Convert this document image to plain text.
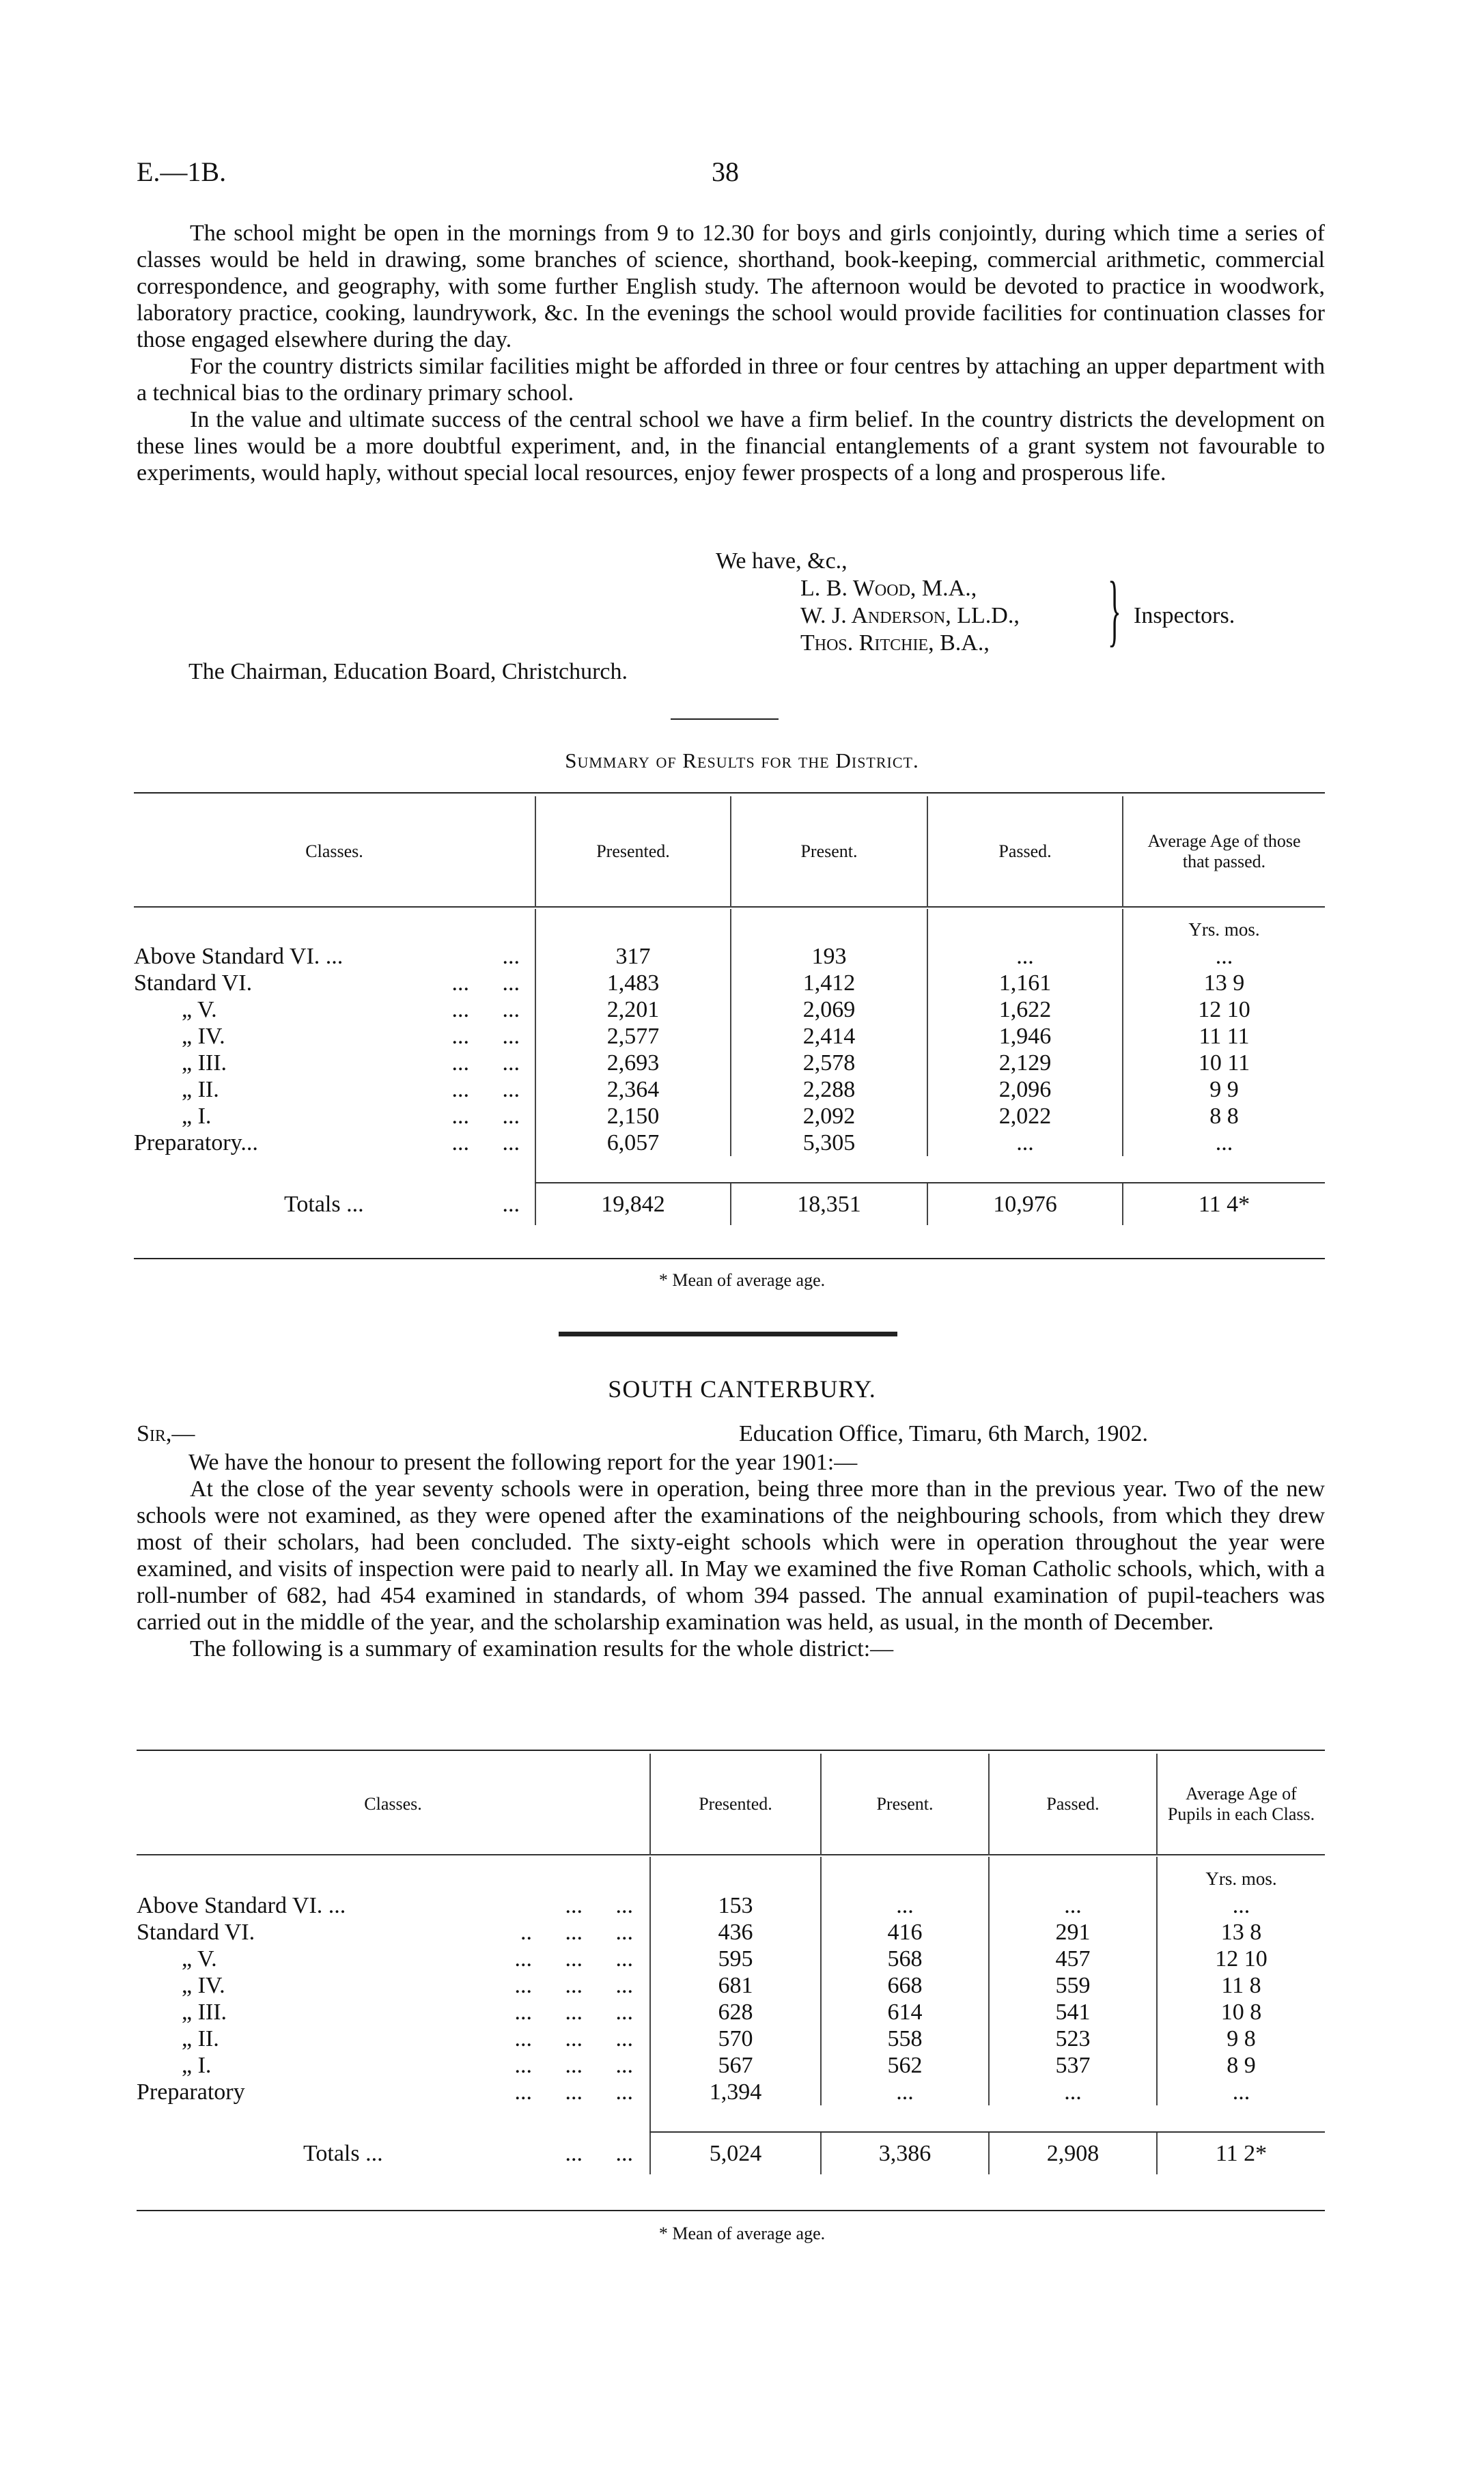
E.—1B.	38

The school might be open in the mornings from 9 to 12.30 for boys and girls conjointly, during which time a series of classes would be held in drawing, some branches of science, shorthand, book-keeping, commercial arithmetic, commercial correspondence, and geography, with some further English study. The afternoon would be devoted to practice in woodwork, laboratory practice, cooking, laundrywork, &c. In the evenings the school would provide facilities for continuation classes for those engaged elsewhere during the day.

For the country districts similar facilities might be afforded in three or four centres by attaching an upper department with a technical bias to the ordinary primary school.

In the value and ultimate success of the central school we have a firm belief. In the country districts the development on these lines would be a more doubtful experiment, and, in the financial entanglements of a grant system not favourable to experiments, would haply, without special local resources, enjoy fewer prospects of a long and prosperous life.

We have, &c.,
L. B. Wood, M.A.,
W. J. Anderson, LL.D.,
Thos. Ritchie, B.A., } Inspectors.
The Chairman, Education Board, Christchurch.
Summary of Results for the District.
Classes.	Presented.	Present.	Passed.	Average Age of those that passed.

				Yrs. mos.
Above Standard VI. ... ...	317	193	...	...
Standard VI. ... ...	1,483	1,412	1,161	13 9
„ V. ... ...	2,201	2,069	1,622	12 10
„ IV. ... ...	2,577	2,414	1,946	11 11
„ III. ... ...	2,693	2,578	2,129	10 11
„ II. ... ...	2,364	2,288	2,096	9 9
„ I. ... ...	2,150	2,092	2,022	8 8
Preparatory... ... ...	6,057	5,305	...	...

Totals ... ...	19,842	18,351	10,976	11 4*
* Mean of average age.
SOUTH CANTERBURY.
Sir,—	Education Office, Timaru, 6th March, 1902.

We have the honour to present the following report for the year 1901:—

At the close of the year seventy schools were in operation, being three more than in the previous year. Two of the new schools were not examined, as they were opened after the examinations of the neighbouring schools, from which they drew most of their scholars, had been concluded. The sixty-eight schools which were in operation throughout the year were examined, and visits of inspection were paid to nearly all. In May we examined the five Roman Catholic schools, which, with a roll-number of 682, had 454 examined in standards, of whom 394 passed. The annual examination of pupil-teachers was carried out in the middle of the year, and the scholarship examination was held, as usual, in the month of December.

The following is a summary of examination results for the whole district:—

Classes.	Presented.	Present.	Passed.	Average Age of Pupils in each Class.

				Yrs. mos.
Above Standard VI. ... ... ...	153	...	...	...
Standard VI. .. ... ...	436	416	291	13 8
„ V. ... ... ...	595	568	457	12 10
„ IV. ... ... ...	681	668	559	11 8
„ III. ... ... ...	628	614	541	10 8
„ II. ... ... ...	570	558	523	9 8
„ I. ... ... ...	567	562	537	8 9
Preparatory ... ... ...	1,394	...	...	...

Totals ... ... ...	5,024	3,386	2,908	11 2*
* Mean of average age.
